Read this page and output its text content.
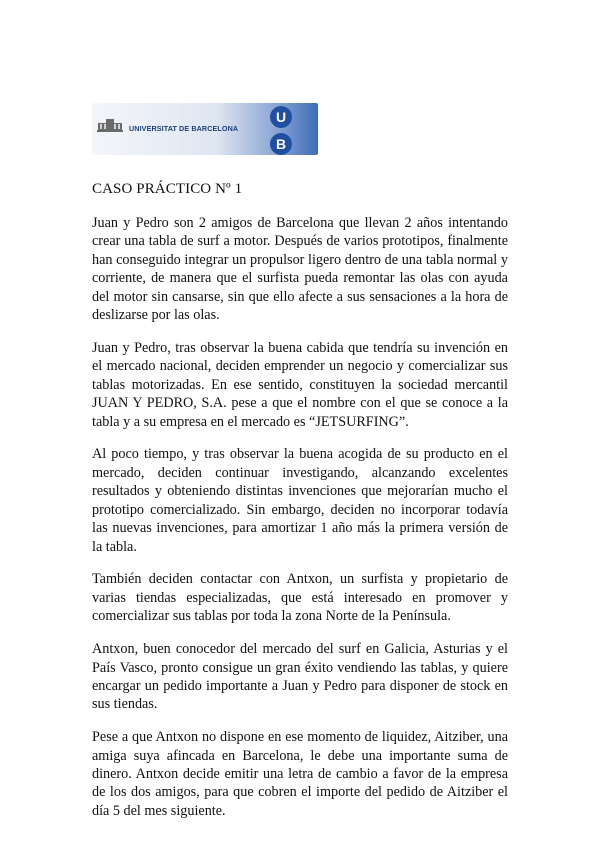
UNIVERSITAT DE BARCELONA
U
B

CASO PRÁCTICO Nº 1

Juan y Pedro son 2 amigos de Barcelona que llevan 2 años intentando crear una tabla de surf a motor. Después de varios prototipos, finalmente han conseguido integrar un propulsor ligero dentro de una tabla normal y corriente, de manera que el surfista pueda remontar las olas con ayuda del motor sin cansarse, sin que ello afecte a sus sensaciones a la hora de deslizarse por las olas.

Juan y Pedro, tras observar la buena cabida que tendría su invención en el mercado nacional, deciden emprender un negocio y comercializar sus tablas motorizadas. En ese sentido, constituyen la sociedad mercantil JUAN Y PEDRO, S.A. pese a que el nombre con el que se conoce a la tabla y a su empresa en el mercado es “JETSURFING”.

Al poco tiempo, y tras observar la buena acogida de su producto en el mercado, deciden continuar investigando, alcanzando excelentes resultados y obteniendo distintas invenciones que mejorarían mucho el prototipo comercializado. Sin embargo, deciden no incorporar todavía las nuevas invenciones, para amortizar 1 año más la primera versión de la tabla.

También deciden contactar con Antxon, un surfista y propietario de varias tiendas especializadas, que está interesado en promover y comercializar sus tablas por toda la zona Norte de la Península.

Antxon, buen conocedor del mercado del surf en Galicia, Asturias y el País Vasco, pronto consigue un gran éxito vendiendo las tablas, y quiere encargar un pedido importante a Juan y Pedro para disponer de stock en sus tiendas.

Pese a que Antxon no dispone en ese momento de liquidez, Aitziber, una amiga suya afincada en Barcelona, le debe una importante suma de dinero. Antxon decide emitir una letra de cambio a favor de la empresa de los dos amigos, para que cobren el importe del pedido de Aitziber el día 5 del mes siguiente.
